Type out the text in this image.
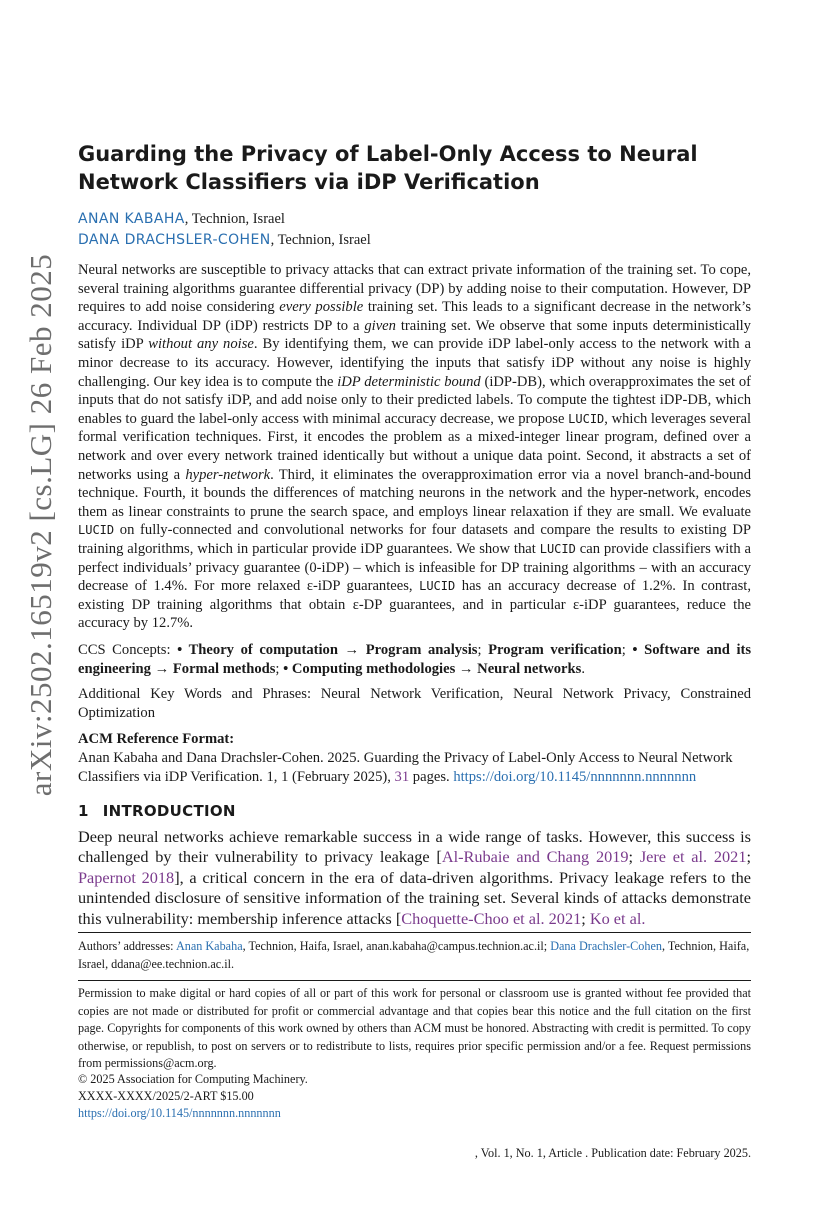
arXiv:2502.16519v2 [cs.LG] 26 Feb 2025
Guarding the Privacy of Label-Only Access to Neural Network Classifiers via iDP Verification
ANAN KABAHA, Technion, Israel
DANA DRACHSLER-COHEN, Technion, Israel
Neural networks are susceptible to privacy attacks that can extract private information of the training set. To cope, several training algorithms guarantee differential privacy (DP) by adding noise to their computation. However, DP requires to add noise considering every possible training set. This leads to a significant decrease in the network’s accuracy. Individual DP (iDP) restricts DP to a given training set. We observe that some inputs deterministically satisfy iDP without any noise. By identifying them, we can provide iDP label-only access to the network with a minor decrease to its accuracy. However, identifying the inputs that satisfy iDP without any noise is highly challenging. Our key idea is to compute the iDP deterministic bound (iDP-DB), which overapproximates the set of inputs that do not satisfy iDP, and add noise only to their predicted labels. To compute the tightest iDP-DB, which enables to guard the label-only access with minimal accuracy decrease, we propose LUCID, which leverages several formal verification techniques. First, it encodes the problem as a mixed-integer linear program, defined over a network and over every network trained identically but without a unique data point. Second, it abstracts a set of networks using a hyper-network. Third, it eliminates the overapproximation error via a novel branch-and-bound technique. Fourth, it bounds the differences of matching neurons in the network and the hyper-network, encodes them as linear constraints to prune the search space, and employs linear relaxation if they are small. We evaluate LUCID on fully-connected and convolutional networks for four datasets and compare the results to existing DP training algorithms, which in particular provide iDP guarantees. We show that LUCID can provide classifiers with a perfect individuals’ privacy guarantee (0-iDP) – which is infeasible for DP training algorithms – with an accuracy decrease of 1.4%. For more relaxed ε-iDP guarantees, LUCID has an accuracy decrease of 1.2%. In contrast, existing DP training algorithms that obtain ε-DP guarantees, and in particular ε-iDP guarantees, reduce the accuracy by 12.7%.
CCS Concepts: • Theory of computation → Program analysis; Program verification; • Software and its engineering → Formal methods; • Computing methodologies → Neural networks.
Additional Key Words and Phrases: Neural Network Verification, Neural Network Privacy, Constrained Optimization
ACM Reference Format:
Anan Kabaha and Dana Drachsler-Cohen. 2025. Guarding the Privacy of Label-Only Access to Neural Network Classifiers via iDP Verification. 1, 1 (February 2025), 31 pages. https://doi.org/10.1145/nnnnnnn.nnnnnnn
1 INTRODUCTION
Deep neural networks achieve remarkable success in a wide range of tasks. However, this success is challenged by their vulnerability to privacy leakage [Al-Rubaie and Chang 2019; Jere et al. 2021; Papernot 2018], a critical concern in the era of data-driven algorithms. Privacy leakage refers to the unintended disclosure of sensitive information of the training set. Several kinds of attacks demonstrate this vulnerability: membership inference attacks [Choquette-Choo et al. 2021; Ko et al.
Authors’ addresses: Anan Kabaha, Technion, Haifa, Israel, anan.kabaha@campus.technion.ac.il; Dana Drachsler-Cohen, Technion, Haifa, Israel, ddana@ee.technion.ac.il.
Permission to make digital or hard copies of all or part of this work for personal or classroom use is granted without fee provided that copies are not made or distributed for profit or commercial advantage and that copies bear this notice and the full citation on the first page. Copyrights for components of this work owned by others than ACM must be honored. Abstracting with credit is permitted. To copy otherwise, or republish, to post on servers or to redistribute to lists, requires prior specific permission and/or a fee. Request permissions from permissions@acm.org.
© 2025 Association for Computing Machinery.
XXXX-XXXX/2025/2-ART $15.00
https://doi.org/10.1145/nnnnnnn.nnnnnnn
, Vol. 1, No. 1, Article . Publication date: February 2025.
